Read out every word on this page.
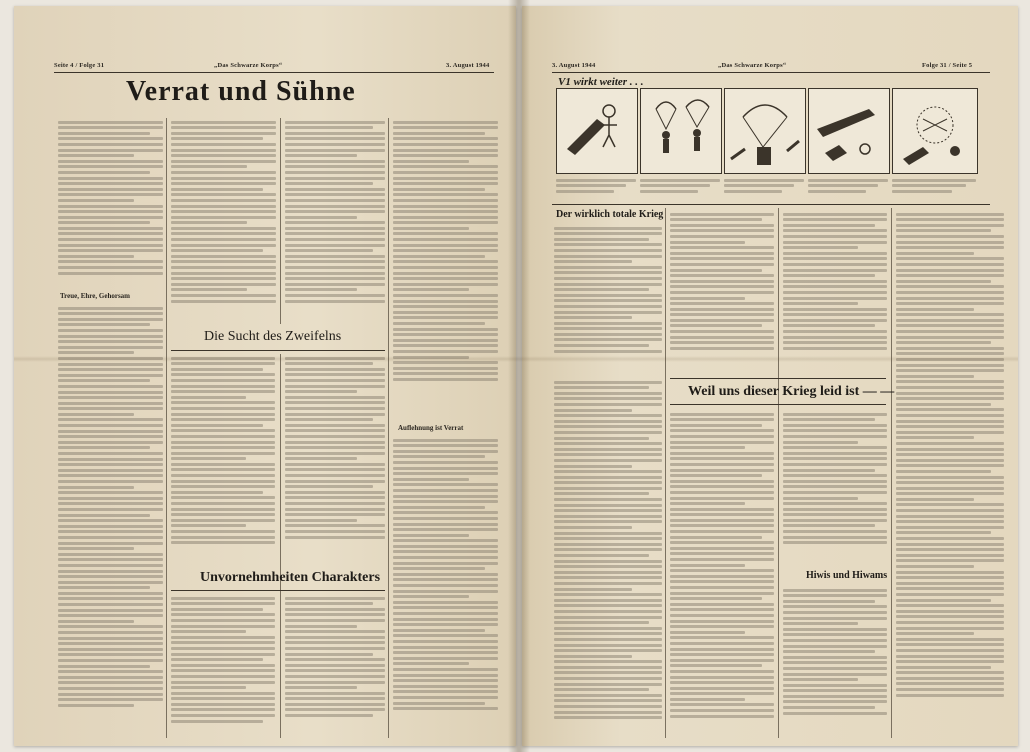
Seite 4 / Folge 31	„Das Schwarze Korps“	3. August 1944
Verrat und Sühne
Treue, Ehre, Gehorsam
Die Sucht des Zweifelns
Auflehnung ist Verrat
Unvornehmheiten Charakters
3. August 1944	„Das Schwarze Korps“	Folge 31 / Seite 5
V1 wirkt weiter . . .
Der wirklich totale Krieg
Weil uns dieser Krieg leid ist — —
Hiwis und Hiwams
